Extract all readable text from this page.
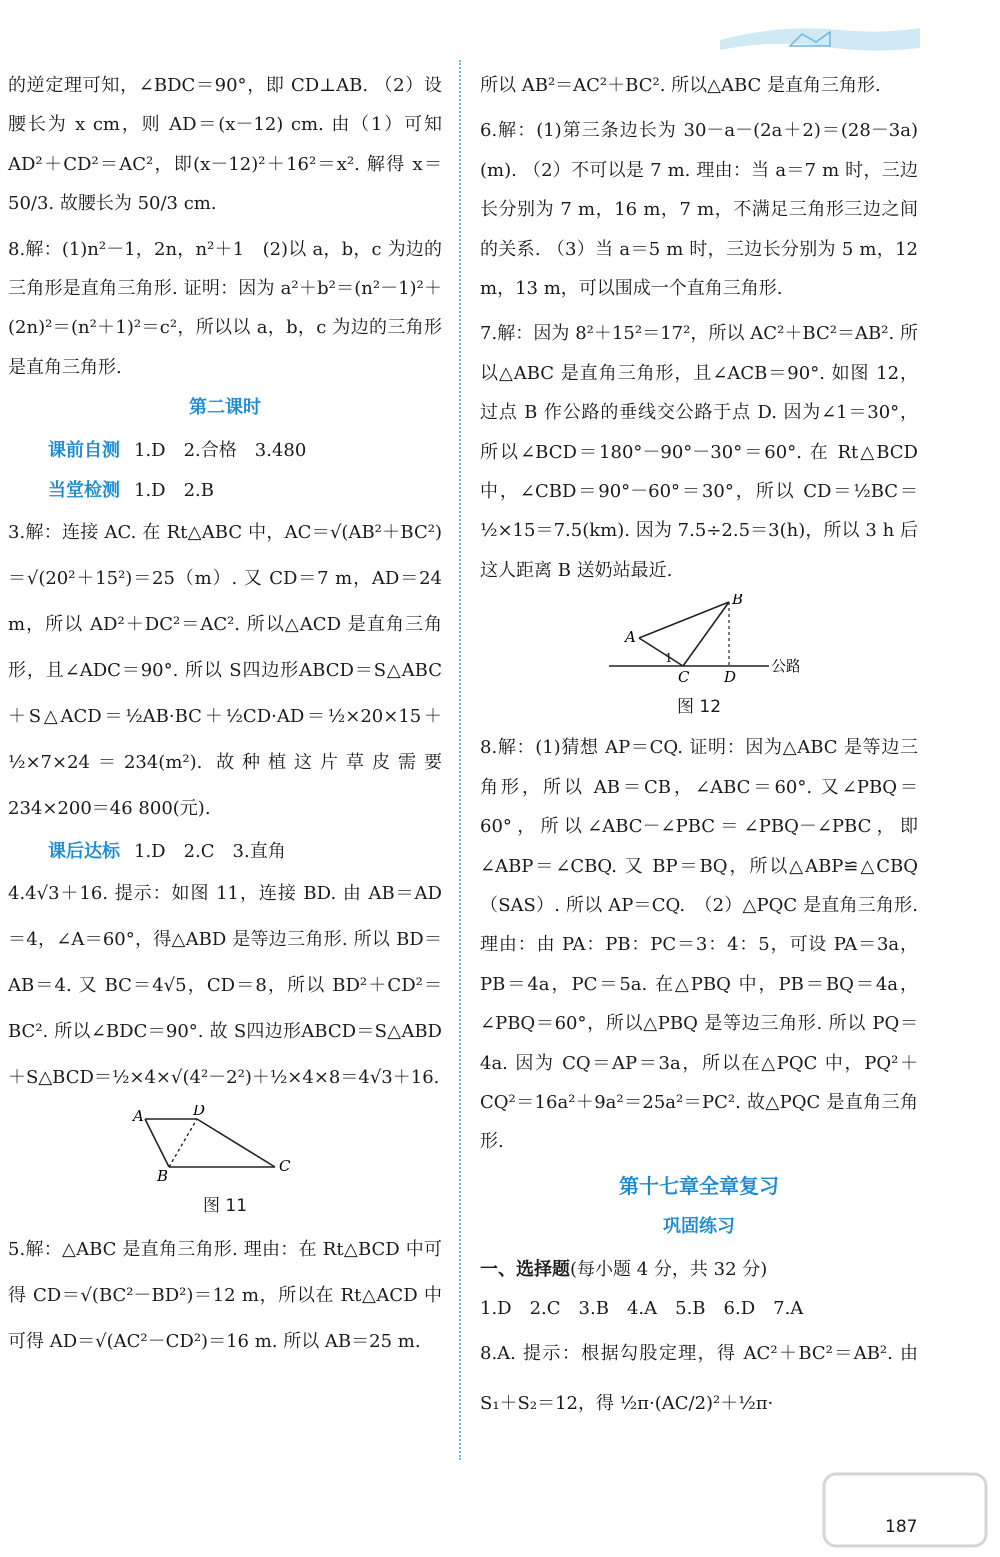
的逆定理可知，∠BDC＝90°，即 CD⊥AB. （2）设腰长为 x cm，则 AD＝(x－12) cm. 由（1）可知 AD²＋CD²＝AC²，即(x－12)²＋16²＝x². 解得 x＝50/3. 故腰长为 50/3 cm.

8.解：(1)n²－1，2n，n²＋1　(2)以 a，b，c 为边的三角形是直角三角形. 证明：因为 a²＋b²＝(n²－1)²＋(2n)²＝(n²＋1)²＝c²，所以以 a，b，c 为边的三角形是直角三角形.

第二课时

课前自测 1.D　2.合格　3.480

当堂检测 1.D　2.B

3.解：连接 AC. 在 Rt△ABC 中，AC＝√(AB²＋BC²)＝√(20²＋15²)＝25（m）. 又 CD＝7 m，AD＝24 m，所以 AD²＋DC²＝AC². 所以△ACD 是直角三角形，且∠ADC＝90°. 所以 S四边形ABCD＝S△ABC＋S△ACD＝½AB·BC＋½CD·AD＝½×20×15＋½×7×24＝234(m²). 故种植这片草皮需要 234×200＝46 800(元).

课后达标 1.D　2.C　3.直角

4.4√3＋16. 提示：如图 11，连接 BD. 由 AB＝AD＝4，∠A＝60°，得△ABD 是等边三角形. 所以 BD＝AB＝4. 又 BC＝4√5，CD＝8，所以 BD²＋CD²＝BC². 所以∠BDC＝90°. 故 S四边形ABCD＝S△ABD＋S△BCD＝½×4×√(4²－2²)＋½×4×8＝4√3＋16.

A	D
B
C
图 11

5.解：△ABC 是直角三角形. 理由：在 Rt△BCD 中可得 CD＝√(BC²－BD²)＝12 m，所以在 Rt△ACD 中可得 AD＝√(AC²－CD²)＝16 m. 所以 AB＝25 m.

所以 AB²＝AC²＋BC². 所以△ABC 是直角三角形.

6.解：(1)第三条边长为 30－a－(2a＋2)＝(28－3a)(m). （2）不可以是 7 m. 理由：当 a＝7 m 时，三边长分别为 7 m，16 m，7 m，不满足三角形三边之间的关系. （3）当 a＝5 m 时，三边长分别为 5 m，12 m，13 m，可以围成一个直角三角形.

7.解：因为 8²＋15²＝17²，所以 AC²＋BC²＝AB². 所以△ABC 是直角三角形，且∠ACB＝90°. 如图 12，过点 B 作公路的垂线交公路于点 D. 因为∠1＝30°，所以∠BCD＝180°－90°－30°＝60°. 在 Rt△BCD 中，∠CBD＝90°－60°＝30°，所以 CD＝½BC＝½×15＝7.5(km). 因为 7.5÷2.5＝3(h)，所以 3 h 后这人距离 B 送奶站最近.

A
B
C D
1	公路
图 12

8.解：(1)猜想 AP＝CQ. 证明：因为△ABC 是等边三角形，所以 AB＝CB，∠ABC＝60°. 又∠PBQ＝60°，所以∠ABC－∠PBC＝∠PBQ－∠PBC，即∠ABP＝∠CBQ. 又 BP＝BQ，所以△ABP≌△CBQ（SAS）. 所以 AP＝CQ.　（2）△PQC 是直角三角形. 理由：由 PA：PB：PC＝3：4：5，可设 PA＝3a，PB＝4a，PC＝5a. 在△PBQ 中，PB＝BQ＝4a，∠PBQ＝60°，所以△PBQ 是等边三角形. 所以 PQ＝4a. 因为 CQ＝AP＝3a，所以在△PQC 中，PQ²＋CQ²＝16a²＋9a²＝25a²＝PC². 故△PQC 是直角三角形.

第十七章全章复习
巩固练习

一、选择题(每小题 4 分，共 32 分)

1.D　2.C　3.B　4.A　5.B　6.D　7.A

8.A. 提示：根据勾股定理，得 AC²＋BC²＝AB². 由 S₁＋S₂＝12，得 ½π·(AC/2)²＋½π·

187
